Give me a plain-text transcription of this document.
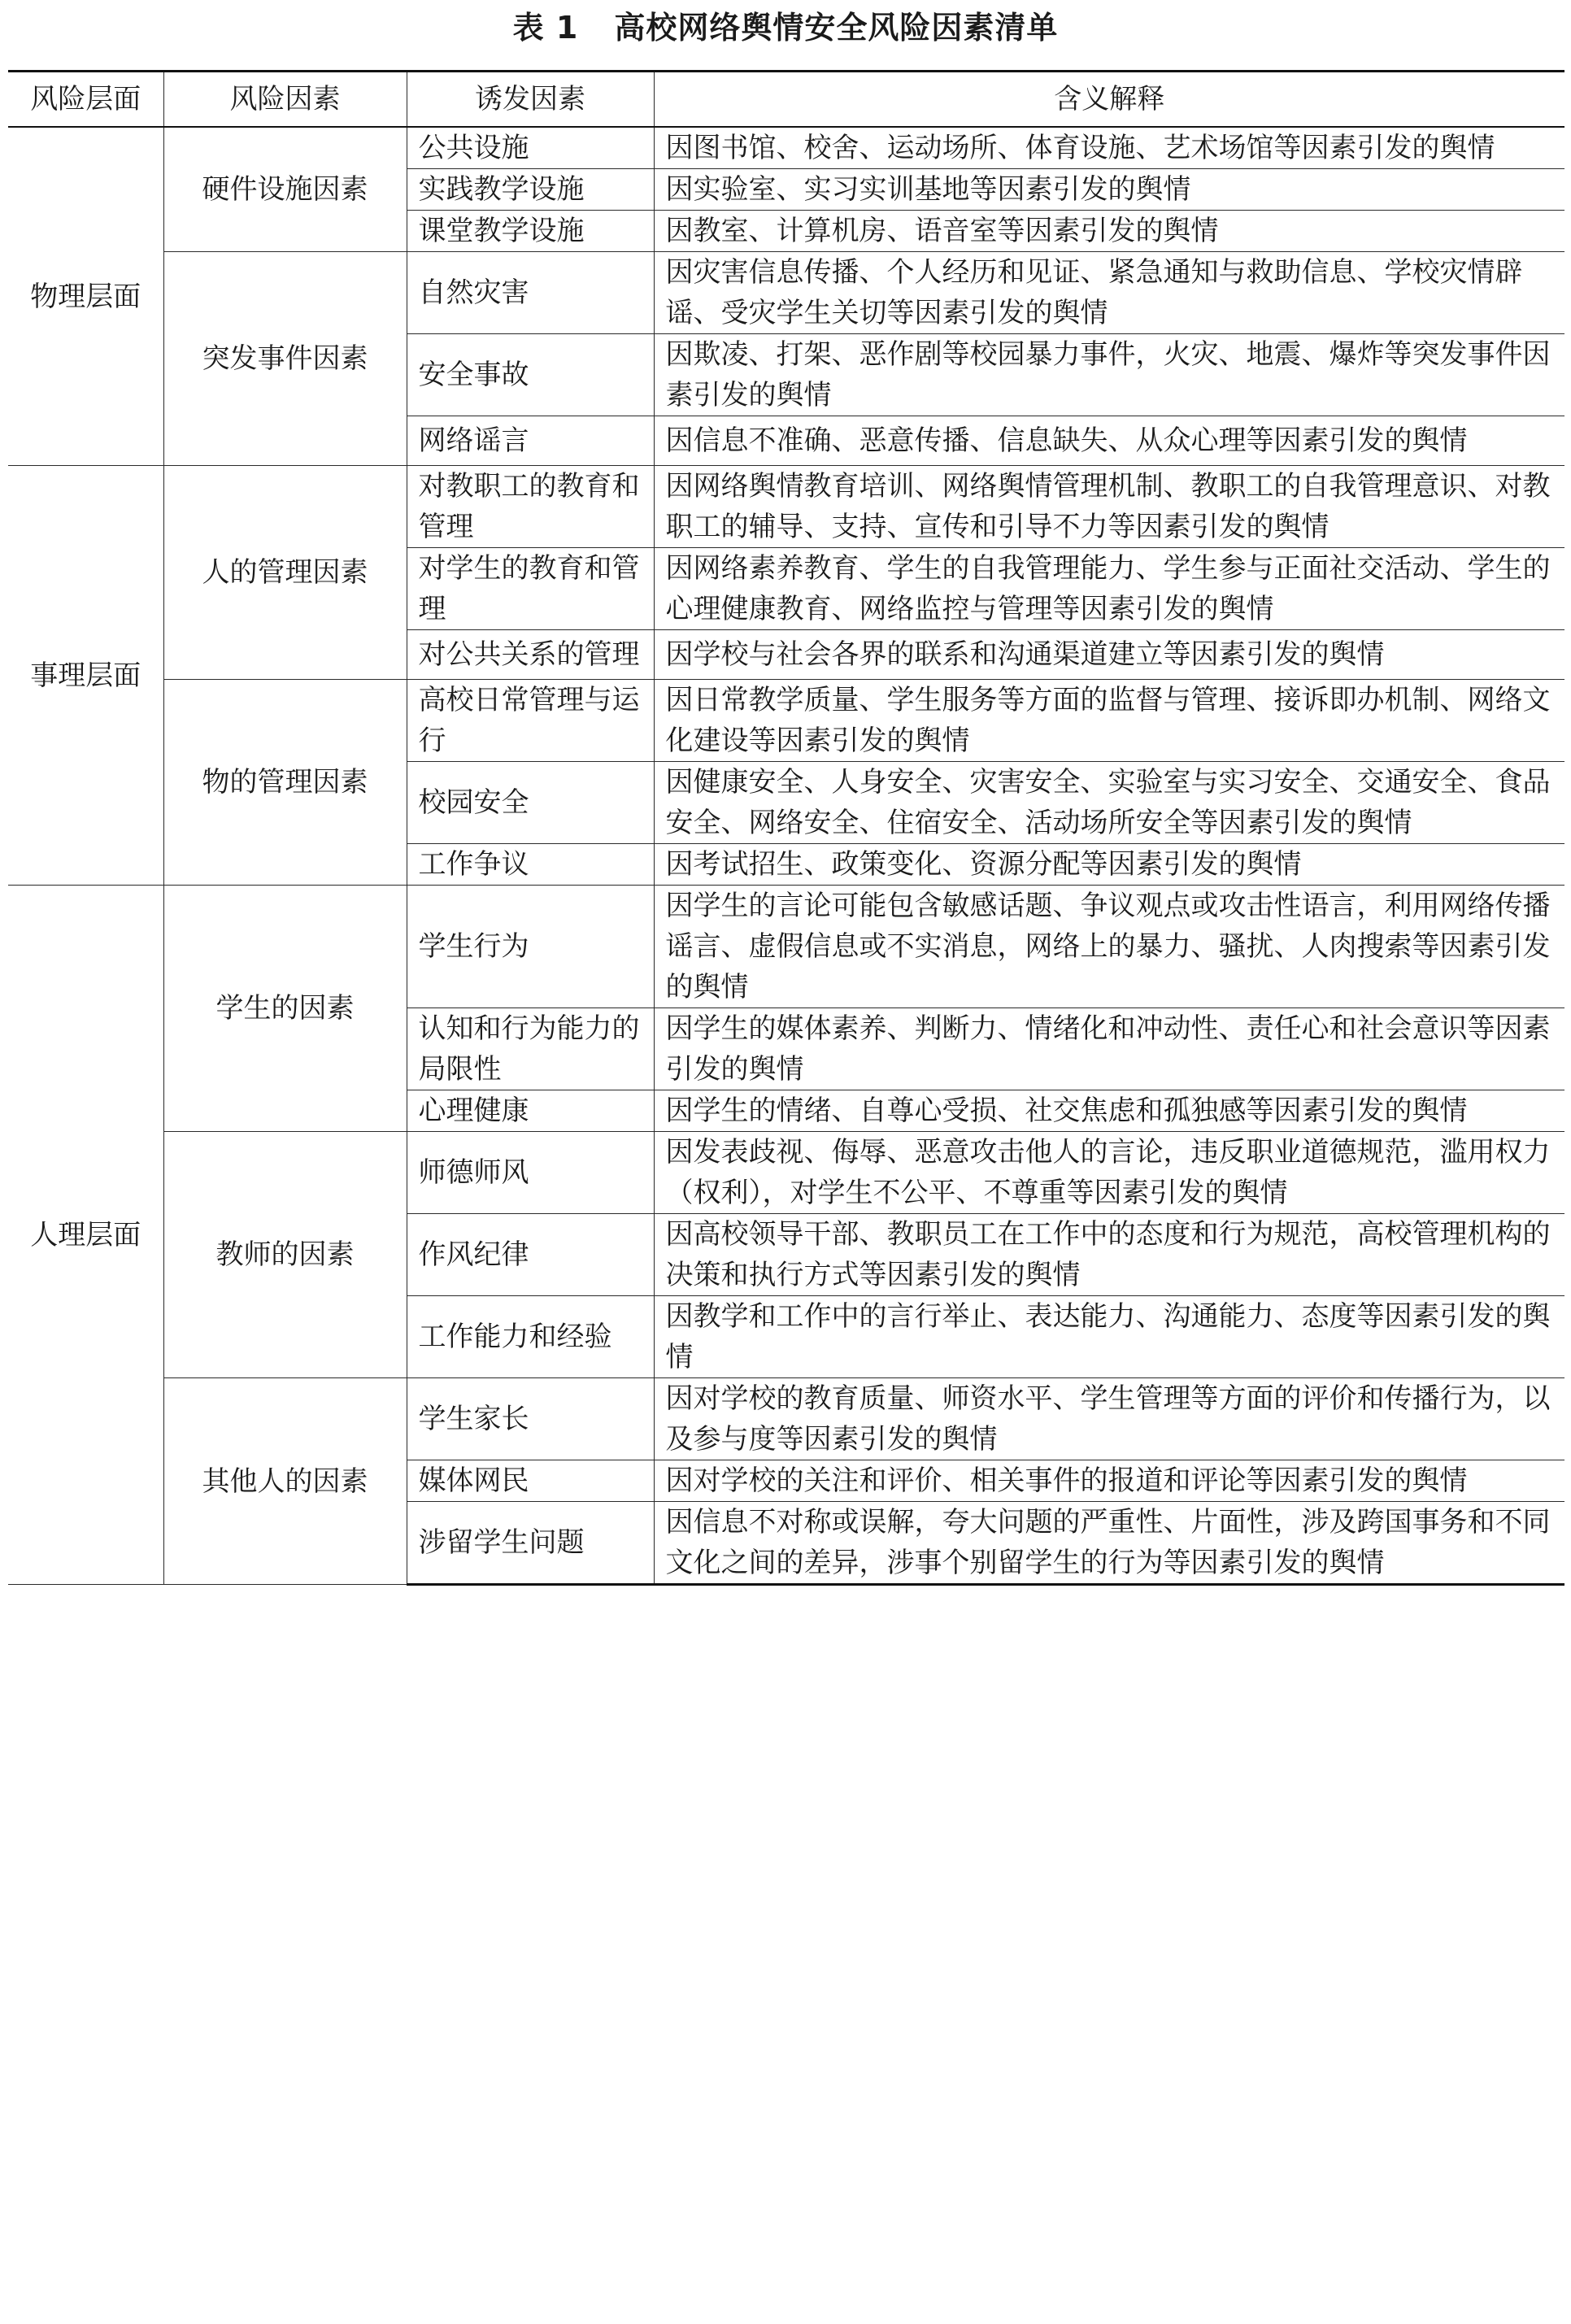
表 1 高校网络舆情安全风险因素清单
风险层面	风险因素	诱发因素	含义解释
物理层面	硬件设施因素	公共设施	因图书馆、校舍、运动场所、体育设施、艺术场馆等因素引发的舆情
		实践教学设施	因实验室、实习实训基地等因素引发的舆情
		课堂教学设施	因教室、计算机房、语音室等因素引发的舆情
	突发事件因素	自然灾害	因灾害信息传播、个人经历和见证、紧急通知与救助信息、学校灾情辟谣、受灾学生关切等因素引发的舆情
		安全事故	因欺凌、打架、恶作剧等校园暴力事件，火灾、地震、爆炸等突发事件因素引发的舆情
		网络谣言	因信息不准确、恶意传播、信息缺失、从众心理等因素引发的舆情
事理层面	人的管理因素	对教职工的教育和管理	因网络舆情教育培训、网络舆情管理机制、教职工的自我管理意识、对教职工的辅导、支持、宣传和引导不力等因素引发的舆情
		对学生的教育和管理	因网络素养教育、学生的自我管理能力、学生参与正面社交活动、学生的心理健康教育、网络监控与管理等因素引发的舆情
		对公共关系的管理	因学校与社会各界的联系和沟通渠道建立等因素引发的舆情
	物的管理因素	高校日常管理与运行	因日常教学质量、学生服务等方面的监督与管理、接诉即办机制、网络文化建设等因素引发的舆情
		校园安全	因健康安全、人身安全、灾害安全、实验室与实习安全、交通安全、食品安全、网络安全、住宿安全、活动场所安全等因素引发的舆情
		工作争议	因考试招生、政策变化、资源分配等因素引发的舆情
人理层面	学生的因素	学生行为	因学生的言论可能包含敏感话题、争议观点或攻击性语言，利用网络传播谣言、虚假信息或不实消息，网络上的暴力、骚扰、人肉搜索等因素引发的舆情
		认知和行为能力的局限性	因学生的媒体素养、判断力、情绪化和冲动性、责任心和社会意识等因素引发的舆情
		心理健康	因学生的情绪、自尊心受损、社交焦虑和孤独感等因素引发的舆情
	教师的因素	师德师风	因发表歧视、侮辱、恶意攻击他人的言论，违反职业道德规范，滥用权力（权利），对学生不公平、不尊重等因素引发的舆情
		作风纪律	因高校领导干部、教职员工在工作中的态度和行为规范，高校管理机构的决策和执行方式等因素引发的舆情
		工作能力和经验	因教学和工作中的言行举止、表达能力、沟通能力、态度等因素引发的舆情
	其他人的因素	学生家长	因对学校的教育质量、师资水平、学生管理等方面的评价和传播行为，以及参与度等因素引发的舆情
		媒体网民	因对学校的关注和评价、相关事件的报道和评论等因素引发的舆情
		涉留学生问题	因信息不对称或误解，夸大问题的严重性、片面性，涉及跨国事务和不同文化之间的差异，涉事个别留学生的行为等因素引发的舆情
